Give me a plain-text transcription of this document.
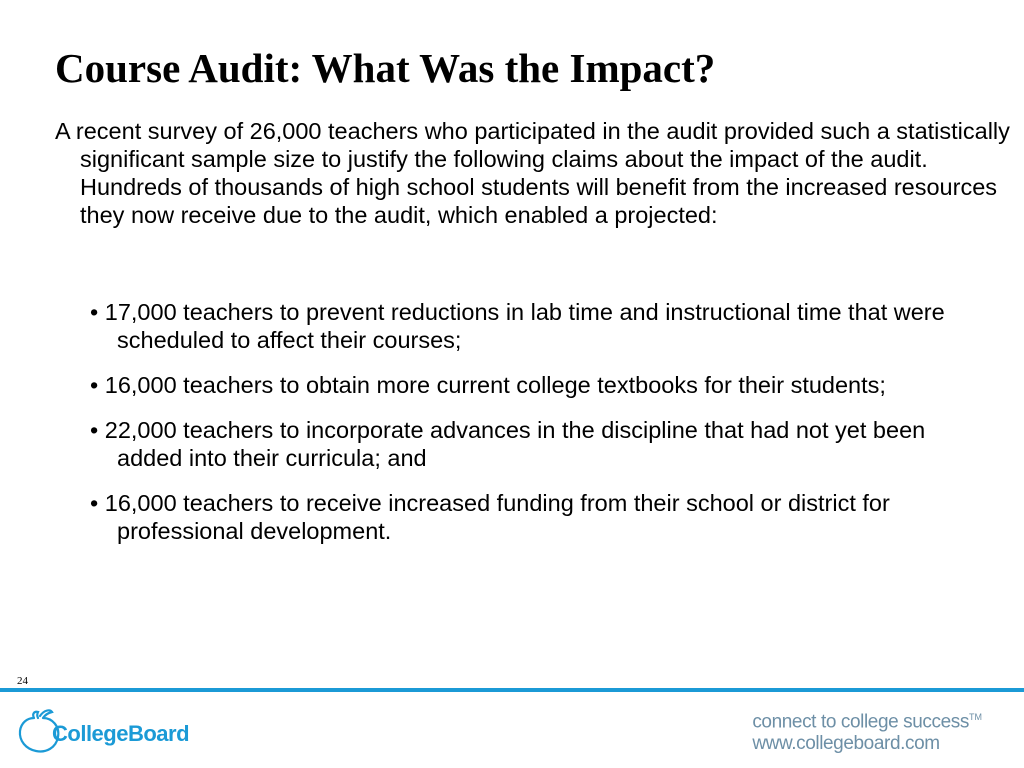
Course Audit: What Was the Impact?

A recent survey of 26,000 teachers who participated in the audit provided such a statistically significant sample size to justify the following claims about the impact of the audit. Hundreds of thousands of high school students will benefit from the increased resources they now receive due to the audit, which enabled a projected:

• 17,000 teachers to prevent reductions in lab time and instructional time that were scheduled to affect their courses;
• 16,000 teachers to obtain more current college textbooks for their students;
• 22,000 teachers to incorporate advances in the discipline that had not yet been added into their curricula; and
• 16,000 teachers to receive increased funding from their school or district for professional development.
24
CollegeBoard	connect to college success™
www.collegeboard.com
